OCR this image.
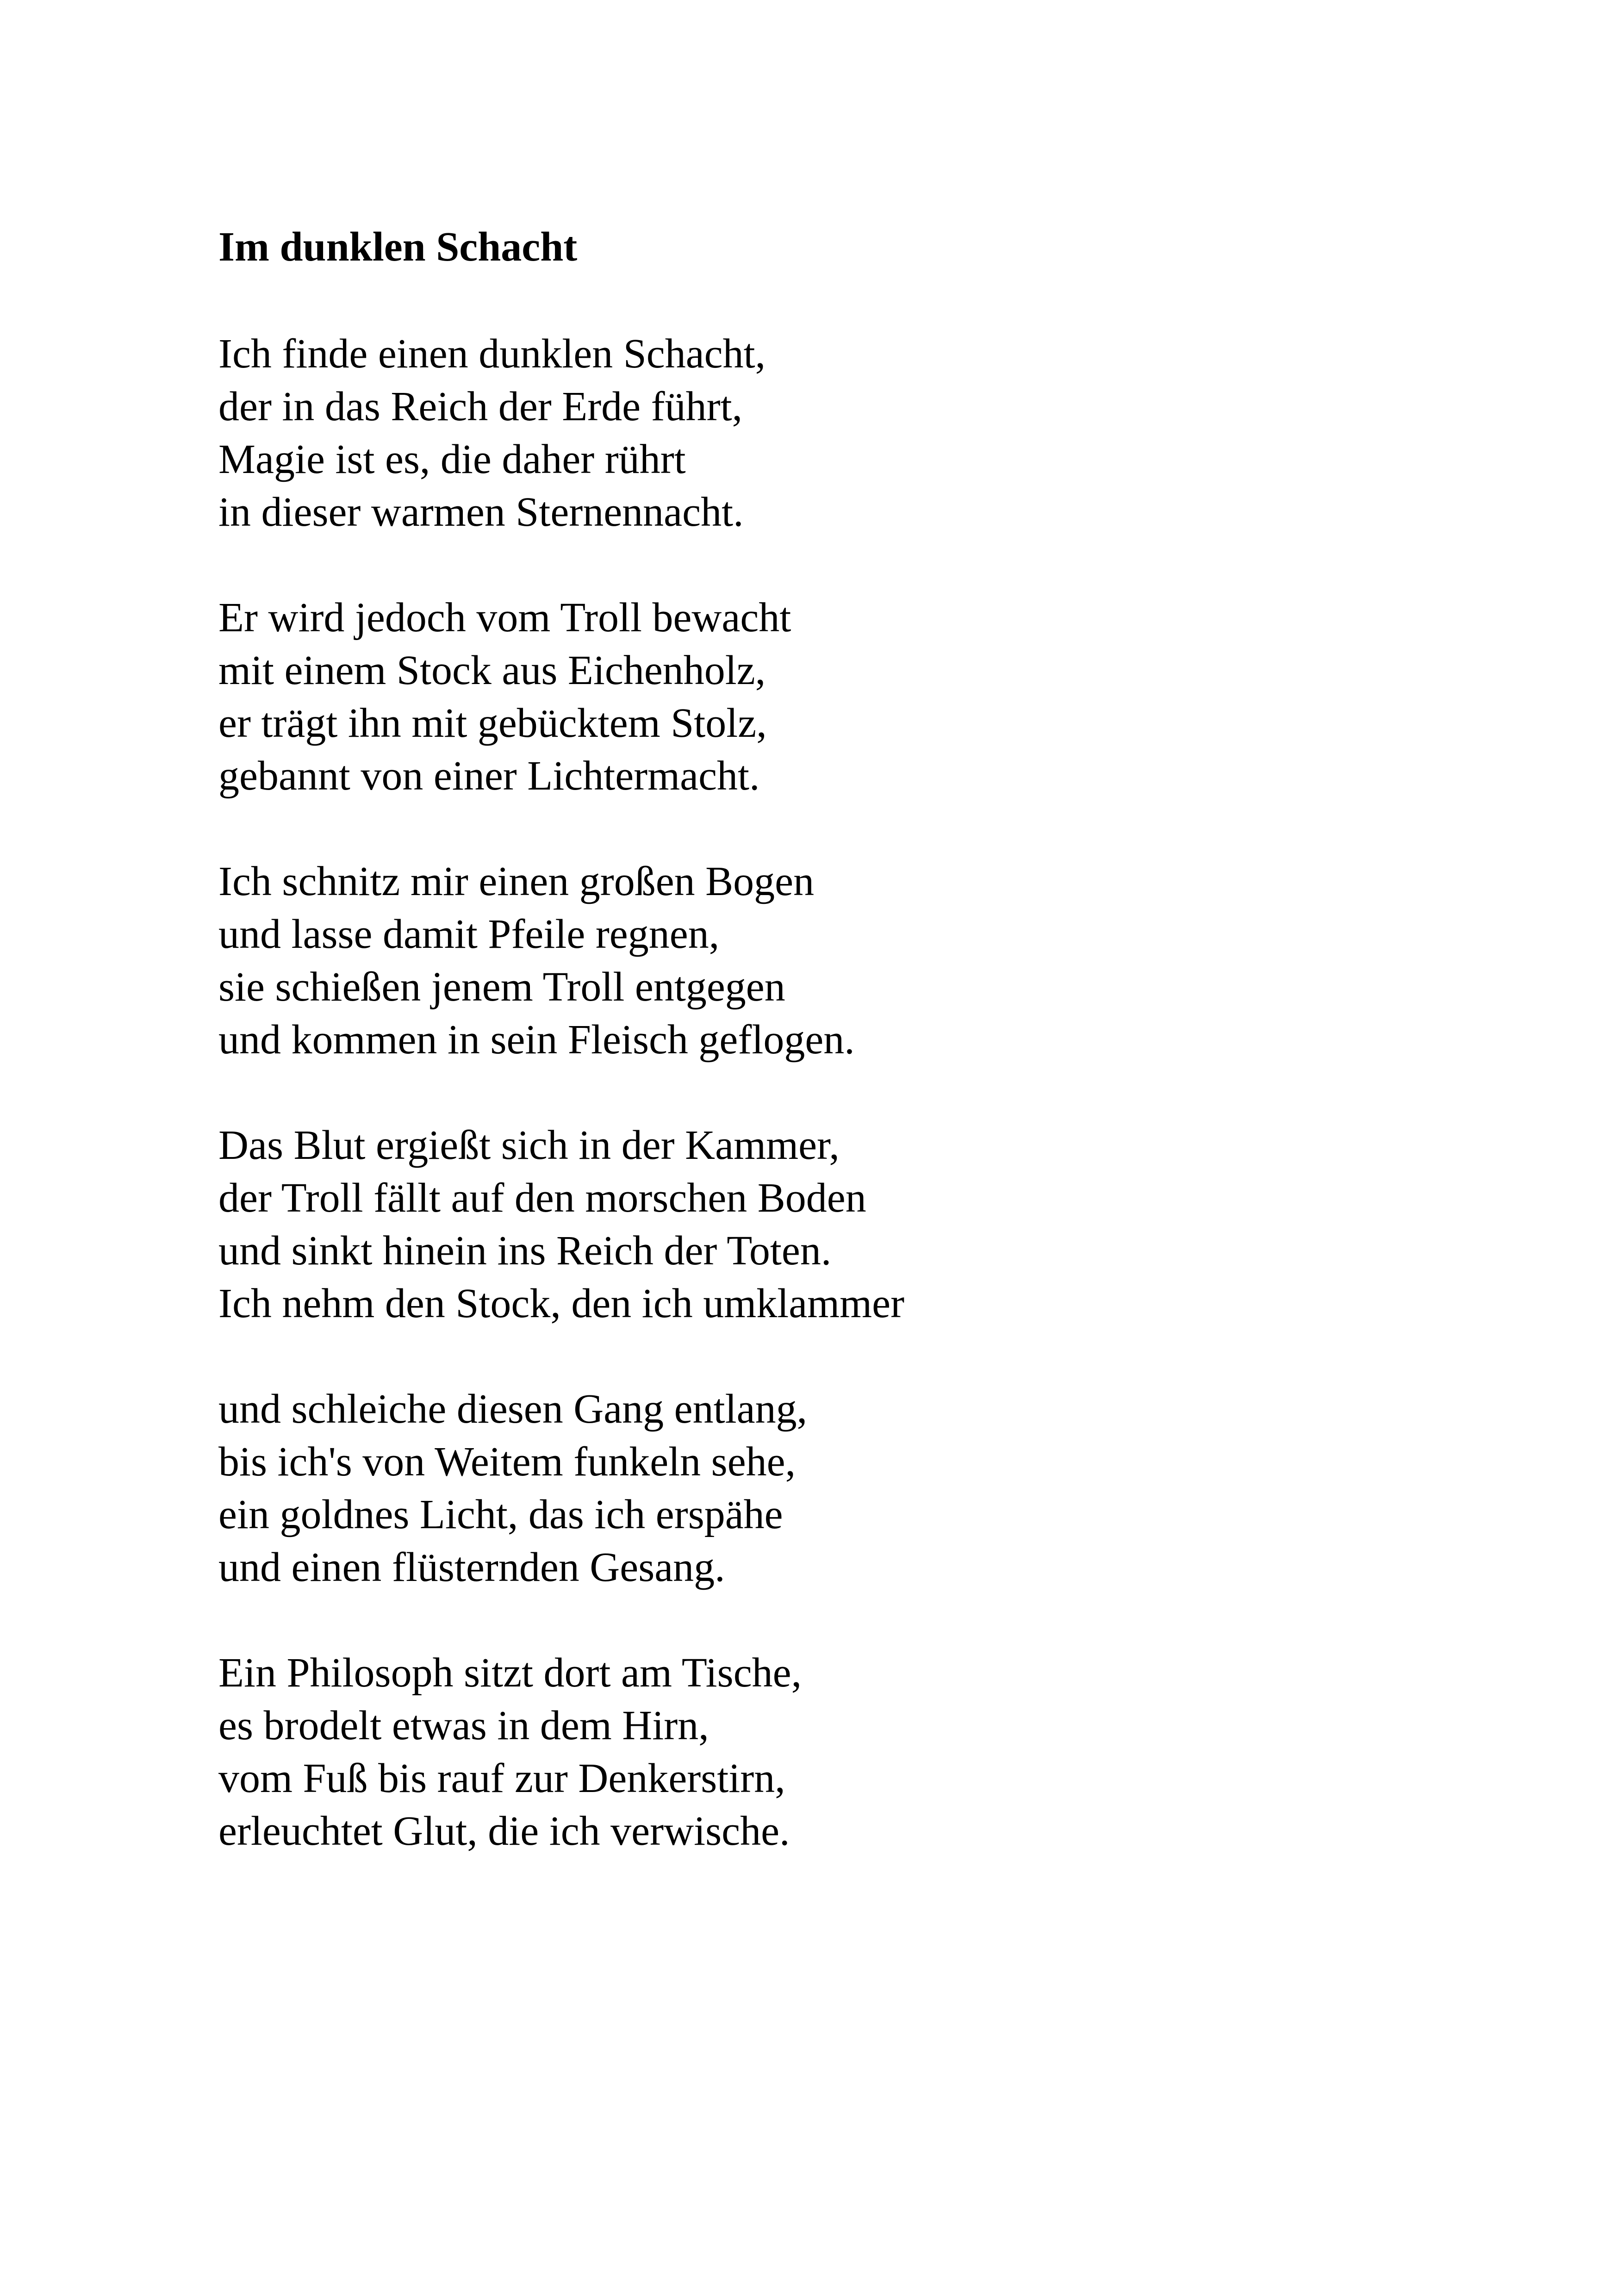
Im dunklen Schacht
Ich finde einen dunklen Schacht,
der in das Reich der Erde führt,
Magie ist es, die daher rührt
in dieser warmen Sternennacht.
Er wird jedoch vom Troll bewacht
mit einem Stock aus Eichenholz,
er trägt ihn mit gebücktem Stolz,
gebannt von einer Lichtermacht.
Ich schnitz mir einen großen Bogen
und lasse damit Pfeile regnen,
sie schießen jenem Troll entgegen
und kommen in sein Fleisch geflogen.
Das Blut ergießt sich in der Kammer,
der Troll fällt auf den morschen Boden
und sinkt hinein ins Reich der Toten.
Ich nehm den Stock, den ich umklammer
und schleiche diesen Gang entlang,
bis ich's von Weitem funkeln sehe,
ein goldnes Licht, das ich erspähe
und einen flüsternden Gesang.
Ein Philosoph sitzt dort am Tische,
es brodelt etwas in dem Hirn,
vom Fuß bis rauf zur Denkerstirn,
erleuchtet Glut, die ich verwische.
